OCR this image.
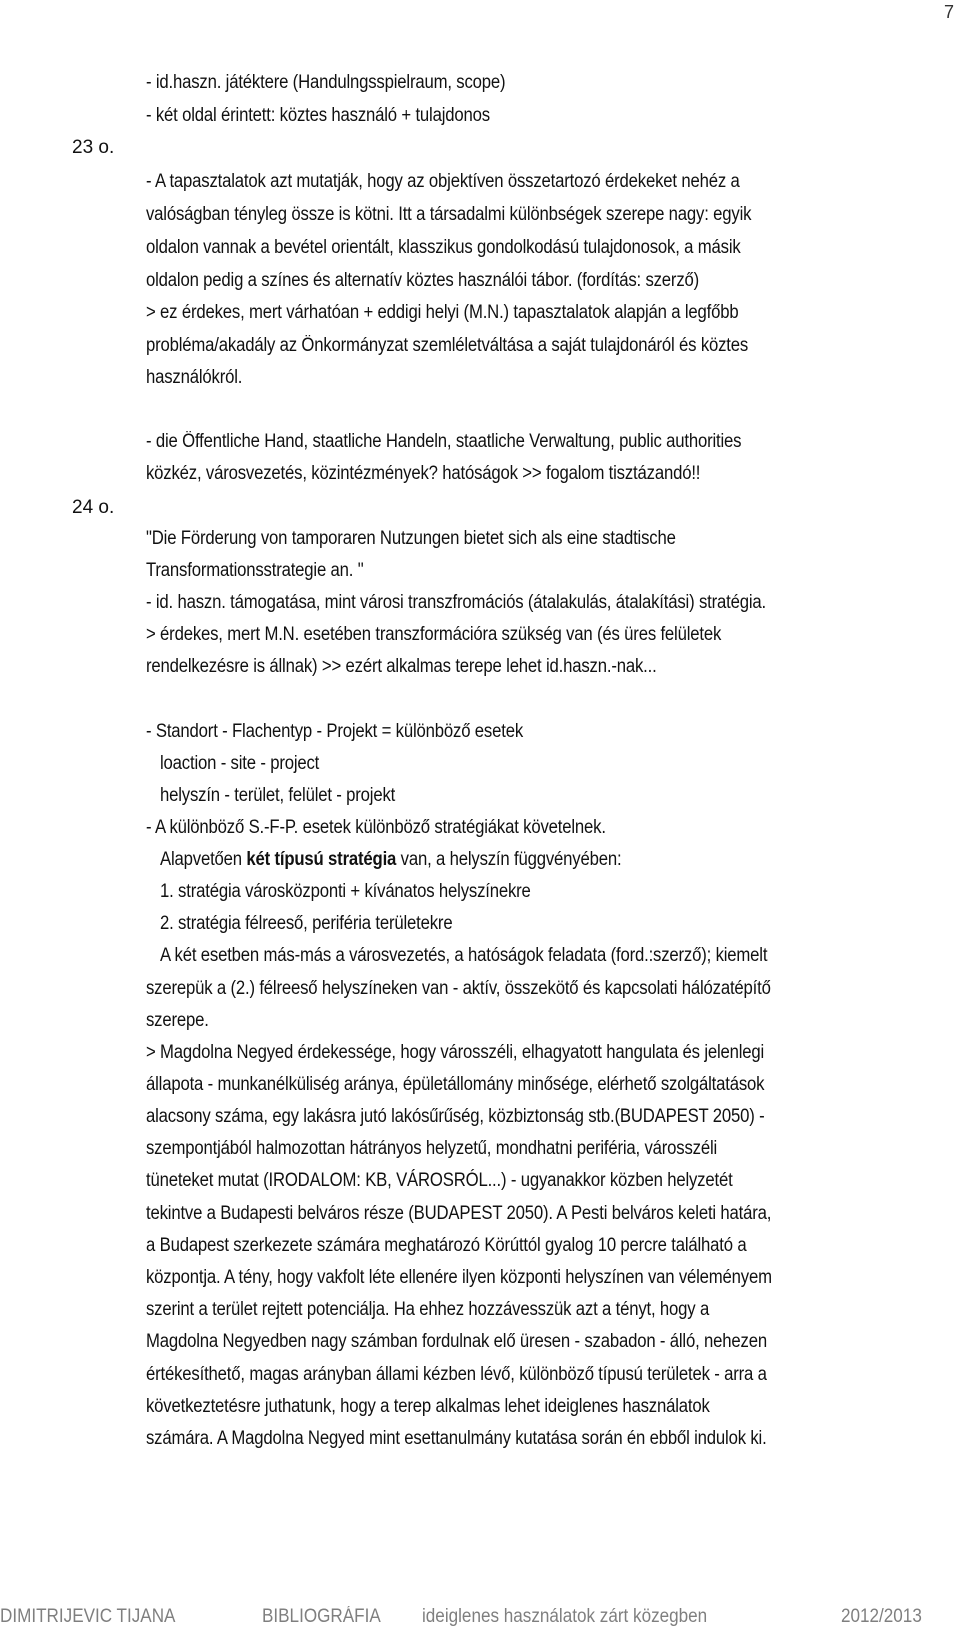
7
23 o.
24 o.
- id.haszn. játéktere (Handulngsspielraum, scope)
- két oldal érintett: köztes használó + tulajdonos
- A tapasztalatok azt mutatják, hogy az objektíven összetartozó érdekeket nehéz a
valóságban tényleg össze is kötni. Itt a társadalmi különbségek szerepe nagy: egyik
oldalon vannak a bevétel orientált, klasszikus gondolkodású tulajdonosok, a másik
oldalon pedig a színes és alternatív köztes használói tábor. (fordítás: szerző)
> ez érdekes, mert várhatóan + eddigi helyi (M.N.) tapasztalatok alapján a legfőbb
probléma/akadály az Önkormányzat szemléletváltása a saját tulajdonáról és köztes
használókról.
- die Öffentliche Hand, staatliche Handeln, staatliche Verwaltung, public authorities
közkéz, városvezetés, közintézmények? hatóságok >> fogalom tisztázandó!!
"Die Förderung von tamporaren Nutzungen bietet sich als eine stadtische
Transformationsstrategie an. "
- id. haszn. támogatása, mint városi transzfromációs (átalakulás, átalakítási) stratégia.
> érdekes, mert M.N. esetében transzformációra szükség van (és üres felületek
rendelkezésre is állnak) >> ezért alkalmas terepe lehet id.haszn.-nak...
- Standort - Flachentyp - Projekt = különböző esetek
loaction - site - project
helyszín - terület, felület - projekt
- A különböző S.-F-P. esetek különböző stratégiákat követelnek.
Alapvetően két típusú stratégia van, a helyszín függvényében:
1. stratégia városközponti + kívánatos helyszínekre
2. stratégia félreeső, periféria területekre
A két esetben más-más a városvezetés, a hatóságok feladata (ford.:szerző); kiemelt
szerepük a (2.) félreeső helyszíneken van - aktív, összekötő és kapcsolati hálózatépítő
szerepe.
> Magdolna Negyed érdekessége, hogy városszéli, elhagyatott hangulata és jelenlegi
állapota - munkanélküliség aránya, épületállomány minősége, elérhető szolgáltatások
alacsony száma, egy lakásra jutó lakósűrűség, közbiztonság stb.(BUDAPEST 2050) -
szempontjából halmozottan hátrányos helyzetű, mondhatni periféria, városszéli
tüneteket mutat (IRODALOM: KB, VÁROSRÓL...) - ugyanakkor közben helyzetét
tekintve a Budapesti belváros része (BUDAPEST 2050). A Pesti belváros keleti határa,
a Budapest szerkezete számára meghatározó Körúttól gyalog 10 percre található a
központja. A tény, hogy vakfolt léte ellenére ilyen központi helyszínen van véleményem
szerint a terület rejtett potenciálja. Ha ehhez hozzávesszük azt a tényt, hogy a
Magdolna Negyedben nagy számban fordulnak elő üresen - szabadon - álló, nehezen
értékesíthető, magas arányban állami kézben lévő, különböző típusú területek - arra a
következtetésre juthatunk, hogy a terep alkalmas lehet ideiglenes használatok
számára. A Magdolna Negyed mint esettanulmány kutatása során én ebből indulok ki.
DIMITRIJEVIC TIJANA	BIBLIOGRÁFIA ideiglenes használatok zárt közegben	2012/2013
